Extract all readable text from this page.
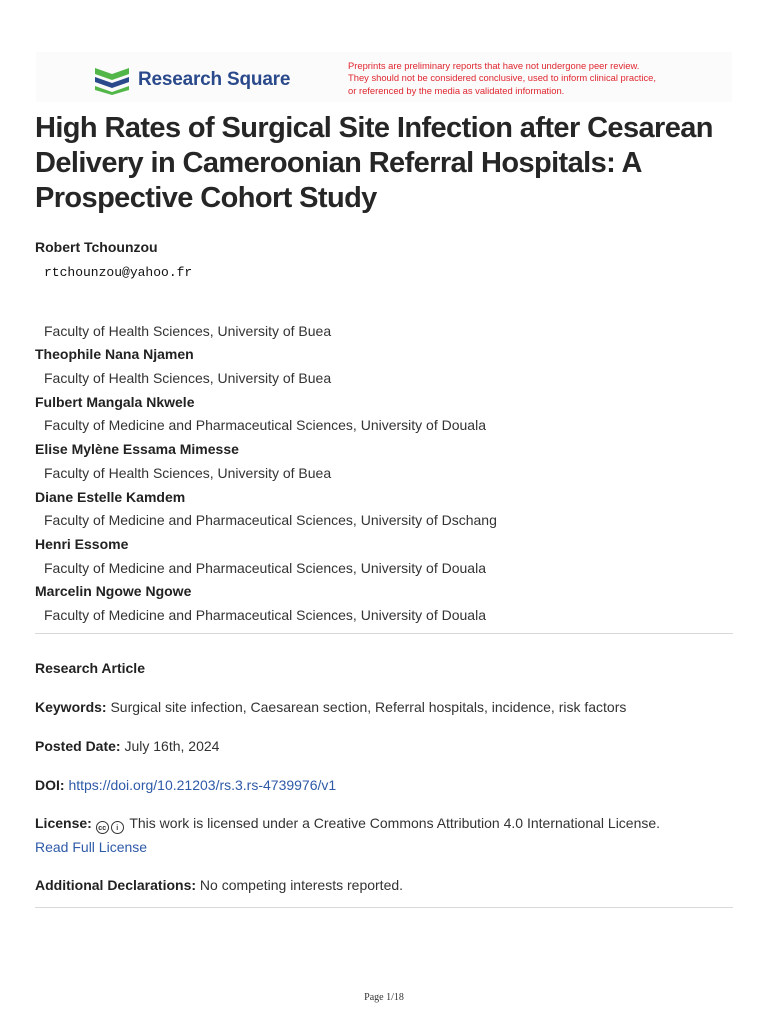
Research Square
Preprints are preliminary reports that have not undergone peer review.
They should not be considered conclusive, used to inform clinical practice,
or referenced by the media as validated information.
High Rates of Surgical Site Infection after Cesarean Delivery in Cameroonian Referral Hospitals: A Prospective Cohort Study
Robert Tchounzou
rtchounzou@yahoo.fr
Faculty of Health Sciences, University of Buea
Theophile Nana Njamen
Faculty of Health Sciences, University of Buea
Fulbert Mangala Nkwele
Faculty of Medicine and Pharmaceutical Sciences, University of Douala
Elise Mylène Essama Mimesse
Faculty of Health Sciences, University of Buea
Diane Estelle Kamdem
Faculty of Medicine and Pharmaceutical Sciences, University of Dschang
Henri Essome
Faculty of Medicine and Pharmaceutical Sciences, University of Douala
Marcelin Ngowe Ngowe
Faculty of Medicine and Pharmaceutical Sciences, University of Douala
Research Article
Keywords: Surgical site infection, Caesarean section, Referral hospitals, incidence, risk factors
Posted Date: July 16th, 2024
DOI: https://doi.org/10.21203/rs.3.rs-4739976/v1
License: cc i This work is licensed under a Creative Commons Attribution 4.0 International License.
Read Full License
Additional Declarations: No competing interests reported.
Page 1/18
